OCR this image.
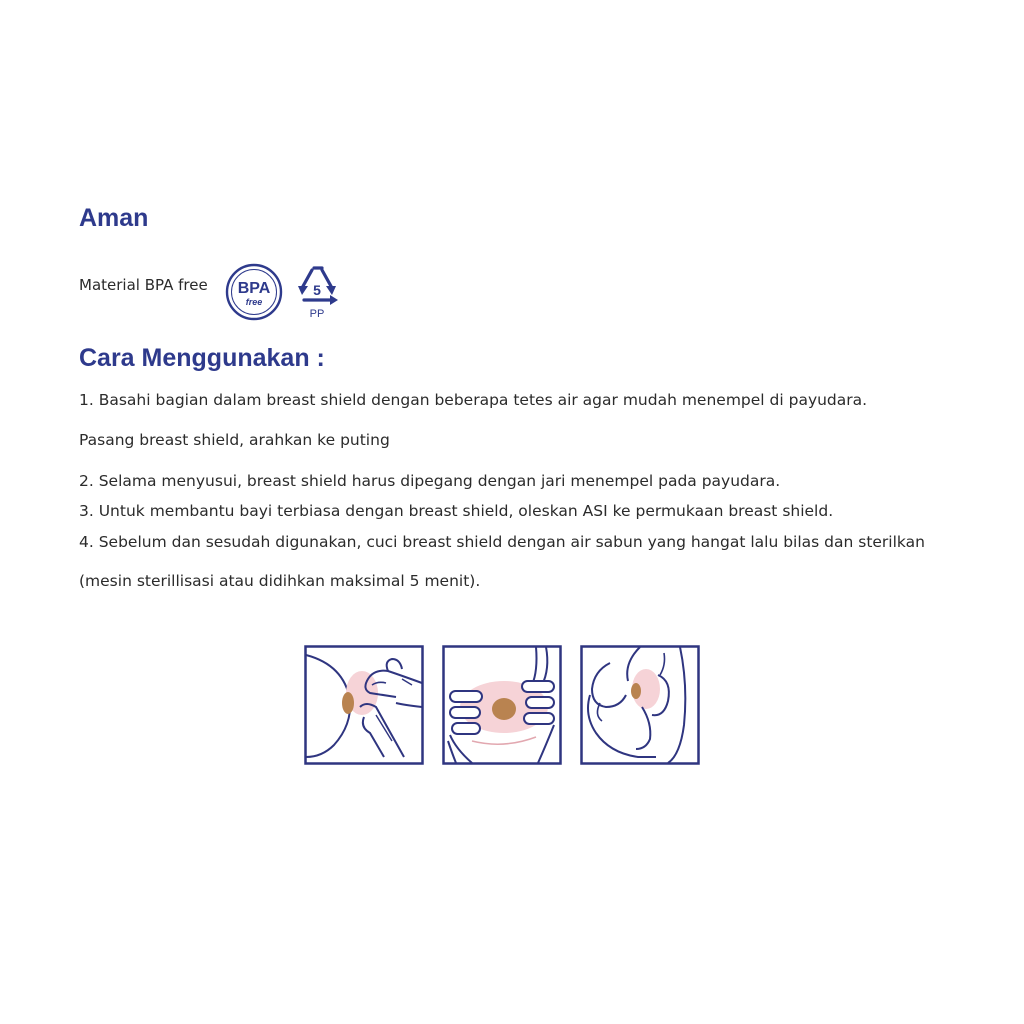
Aman
Material BPA free BPA
free
5
PP
Cara Menggunakan :

1. Basahi bagian dalam breast shield dengan beberapa tetes air agar mudah menempel di payudara.

Pasang breast shield, arahkan ke puting

2. Selama menyusui, breast shield harus dipegang dengan jari menempel pada payudara.

3. Untuk membantu bayi terbiasa dengan breast shield, oleskan ASI ke permukaan breast shield.

4. Sebelum dan sesudah digunakan, cuci breast shield dengan air sabun yang hangat lalu bilas dan sterilkan

(mesin sterillisasi atau didihkan maksimal 5 menit).
